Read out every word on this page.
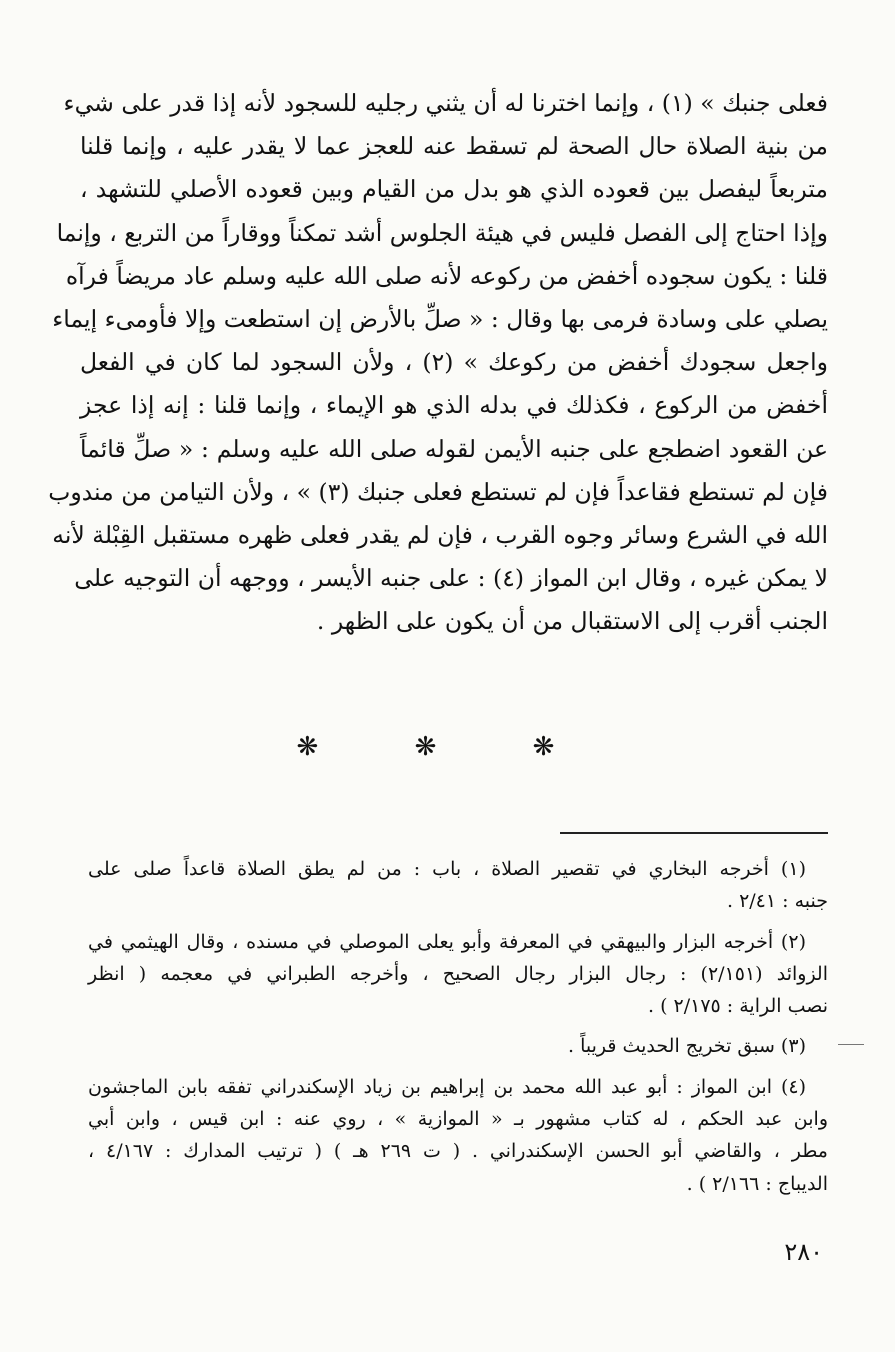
فعلى جنبك » (١) ، وإنما اخترنا له أن يثني رجليه للسجود لأنه إذا قدر على شيء
من بنية الصلاة حال الصحة لم تسقط عنه للعجز عما لا يقدر عليه ، وإنما قلنا
متربعاً ليفصل بين قعوده الذي هو بدل من القيام وبين قعوده الأصلي للتشهد ،
وإذا احتاج إلى الفصل فليس في هيئة الجلوس أشد تمكناً ووقاراً من التربع ، وإنما
قلنا : يكون سجوده أخفض من ركوعه لأنه صلى الله عليه وسلم عاد مريضاً فرآه
يصلي على وسادة فرمى بها وقال : « صلِّ بالأرض إن استطعت وإلا فأومىء إيماء
واجعل سجودك أخفض من ركوعك » (٢) ، ولأن السجود لما كان في الفعل
أخفض من الركوع ، فكذلك في بدله الذي هو الإيماء ، وإنما قلنا : إنه إذا عجز
عن القعود اضطجع على جنبه الأيمن لقوله صلى الله عليه وسلم : « صلِّ قائماً
فإن لم تستطع فقاعداً فإن لم تستطع فعلى جنبك (٣) » ، ولأن التيامن من مندوب
الله في الشرع وسائر وجوه القرب ، فإن لم يقدر فعلى ظهره مستقبل القِبْلة لأنه
لا يمكن غيره ، وقال ابن المواز (٤) : على جنبه الأيسر ، ووجهه أن التوجيه على
الجنب أقرب إلى الاستقبال من أن يكون على الظهر .
❋ ❋ ❋
(١) أخرجه البخاري في تقصير الصلاة ، باب : من لم يطق الصلاة قاعداً صلى على
جنبه : ٢/٤١ .
(٢) أخرجه البزار والبيهقي في المعرفة وأبو يعلى الموصلي في مسنده ، وقال الهيثمي في
الزوائد (٢/١٥١) : رجال البزار رجال الصحيح ، وأخرجه الطبراني في معجمه ( انظر
نصب الراية : ٢/١٧٥ ) .
(٣) سبق تخريج الحديث قريباً .
(٤) ابن المواز : أبو عبد الله محمد بن إبراهيم بن زياد الإسكندراني تفقه بابن الماجشون
وابن عبد الحكم ، له كتاب مشهور بـ « الموازية » ، روي عنه : ابن قيس ، وابن أبي
مطر ، والقاضي أبو الحسن الإسكندراني . ( ت ٢٦٩ هـ ) ( ترتيب المدارك : ٤/١٦٧ ،
الديباج : ٢/١٦٦ ) .
٢٨٠
